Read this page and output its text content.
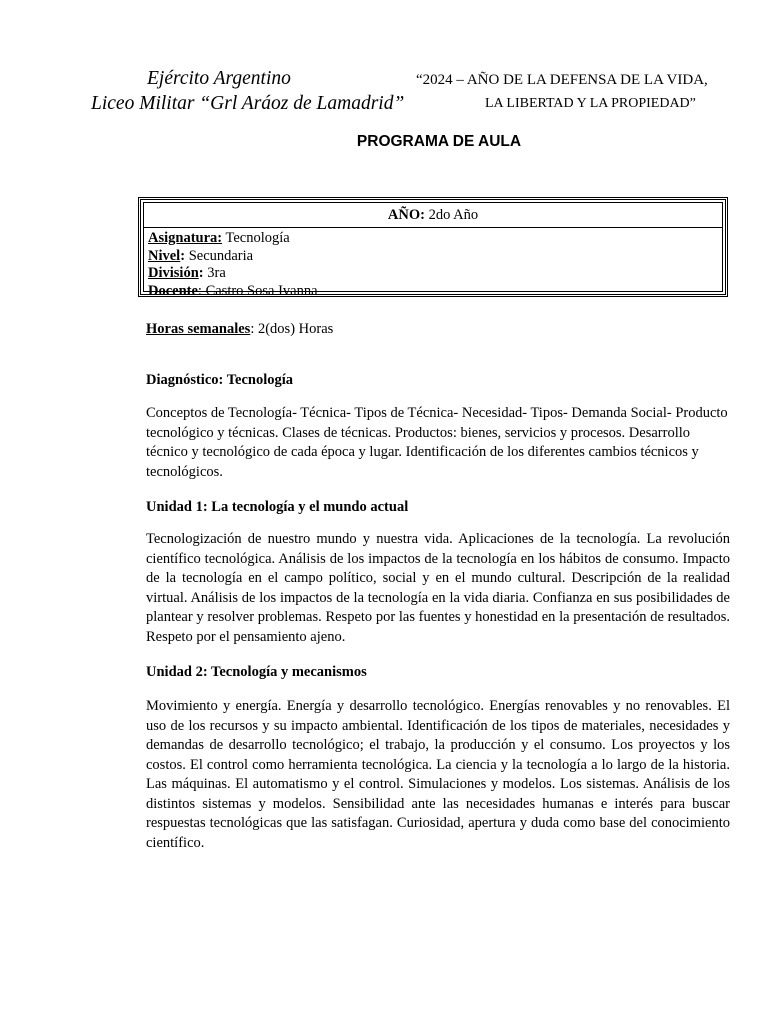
Ejército Argentino
Liceo Militar “Grl Aráoz de Lamadrid”
“2024 – AÑO DE LA DEFENSA DE LA VIDA,
LA LIBERTAD Y LA PROPIEDAD”
PROGRAMA DE AULA
AÑO: 2do Año
Asignatura: Tecnología
Nivel: Secundaria
División: 3ra
Docente: Castro Sosa Ivanna

Horas semanales: 2(dos) Horas

Diagnóstico: Tecnología

Conceptos de Tecnología- Técnica- Tipos de Técnica- Necesidad- Tipos- Demanda Social- Producto tecnológico y técnicas. Clases de técnicas. Productos: bienes, servicios y procesos. Desarrollo técnico y tecnológico de cada época y lugar. Identificación de los diferentes cambios técnicos y tecnológicos.

Unidad 1: La tecnología y el mundo actual

Tecnologización de nuestro mundo y nuestra vida. Aplicaciones de la tecnología. La revolución científico tecnológica. Análisis de los impactos de la tecnología en los hábitos de consumo. Impacto de la tecnología en el campo político, social y en el mundo cultural. Descripción de la realidad virtual. Análisis de los impactos de la tecnología en la vida diaria. Confianza en sus posibilidades de plantear y resolver problemas. Respeto por las fuentes y honestidad en la presentación de resultados. Respeto por el pensamiento ajeno.

Unidad 2: Tecnología y mecanismos

Movimiento y energía. Energía y desarrollo tecnológico. Energías renovables y no renovables. El uso de los recursos y su impacto ambiental. Identificación de los tipos de materiales, necesidades y demandas de desarrollo tecnológico; el trabajo, la producción y el consumo. Los proyectos y los costos. El control como herramienta tecnológica. La ciencia y la tecnología a lo largo de la historia. Las máquinas. El automatismo y el control. Simulaciones y modelos. Los sistemas. Análisis de los distintos sistemas y modelos. Sensibilidad ante las necesidades humanas e interés para buscar respuestas tecnológicas que las satisfagan. Curiosidad, apertura y duda como base del conocimiento científico.
